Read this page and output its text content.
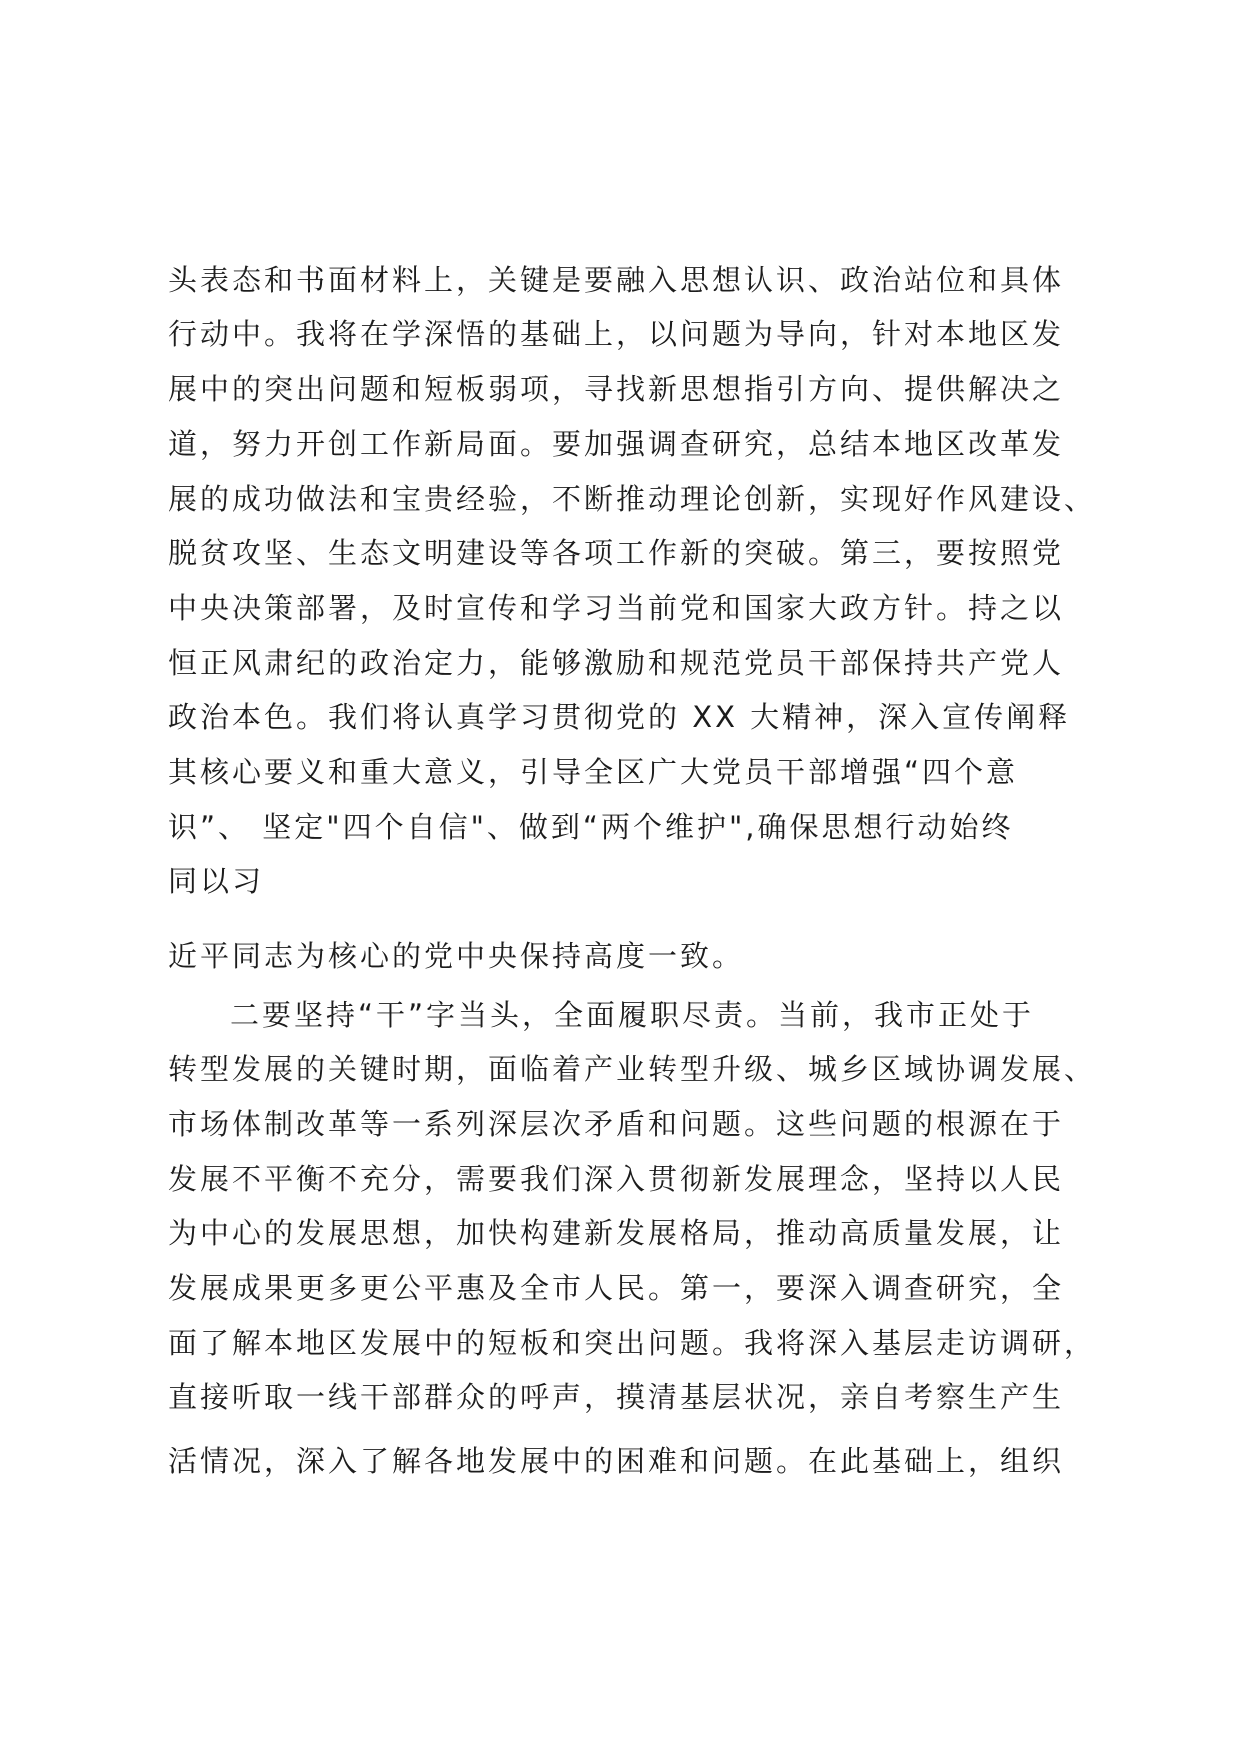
头表态和书面材料上，关键是要融入思想认识、政治站位和具体
行动中。我将在学深悟的基础上，以问题为导向，针对本地区发
展中的突出问题和短板弱项，寻找新思想指引方向、提供解决之
道，努力开创工作新局面。要加强调查研究，总结本地区改革发
展的成功做法和宝贵经验，不断推动理论创新，实现好作风建设、
脱贫攻坚、生态文明建设等各项工作新的突破。第三，要按照党
中央决策部署，及时宣传和学习当前党和国家大政方针。持之以
恒正风肃纪的政治定力，能够激励和规范党员干部保持共产党人
政治本色。我们将认真学习贯彻党的 XX 大精神，深入宣传阐释
其核心要义和重大意义，引导全区广大党员干部增强“四个意
识”、 坚定"四个自信"、做到“两个维护",确保思想行动始终
同以习
近平同志为核心的党中央保持高度一致。
二要坚持“干”字当头，全面履职尽责。当前，我市正处于
转型发展的关键时期，面临着产业转型升级、城乡区域协调发展、
市场体制改革等一系列深层次矛盾和问题。这些问题的根源在于
发展不平衡不充分，需要我们深入贯彻新发展理念，坚持以人民
为中心的发展思想，加快构建新发展格局，推动高质量发展，让
发展成果更多更公平惠及全市人民。第一，要深入调查研究，全
面了解本地区发展中的短板和突出问题。我将深入基层走访调研，
直接听取一线干部群众的呼声，摸清基层状况，亲自考察生产生
活情况，深入了解各地发展中的困难和问题。在此基础上，组织
